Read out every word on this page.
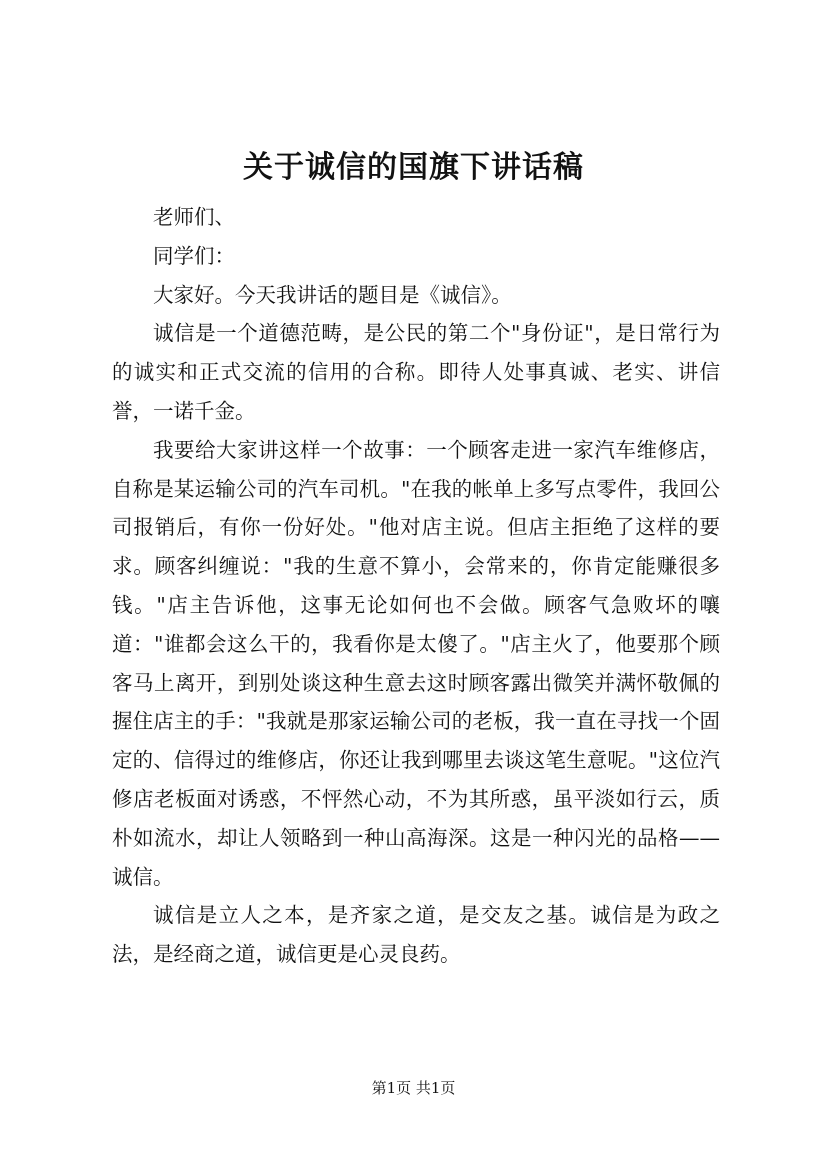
关于诚信的国旗下讲话稿

老师们、

同学们：

大家好。今天我讲话的题目是《诚信》。

诚信是一个道德范畴，是公民的第二个"身份证"，是日常行为的诚实和正式交流的信用的合称。即待人处事真诚、老实、讲信誉，一诺千金。

我要给大家讲这样一个故事：一个顾客走进一家汽车维修店，自称是某运输公司的汽车司机。"在我的帐单上多写点零件，我回公司报销后，有你一份好处。"他对店主说。但店主拒绝了这样的要求。顾客纠缠说："我的生意不算小，会常来的，你肯定能赚很多钱。"店主告诉他，这事无论如何也不会做。顾客气急败坏的嚷道："谁都会这么干的，我看你是太傻了。"店主火了，他要那个顾客马上离开，到别处谈这种生意去这时顾客露出微笑并满怀敬佩的握住店主的手："我就是那家运输公司的老板，我一直在寻找一个固定的、信得过的维修店，你还让我到哪里去谈这笔生意呢。"这位汽修店老板面对诱惑，不怦然心动，不为其所惑，虽平淡如行云，质朴如流水，却让人领略到一种山高海深。这是一种闪光的品格——诚信。

诚信是立人之本，是齐家之道，是交友之基。诚信是为政之法，是经商之道，诚信更是心灵良药。

第1页 共1页
